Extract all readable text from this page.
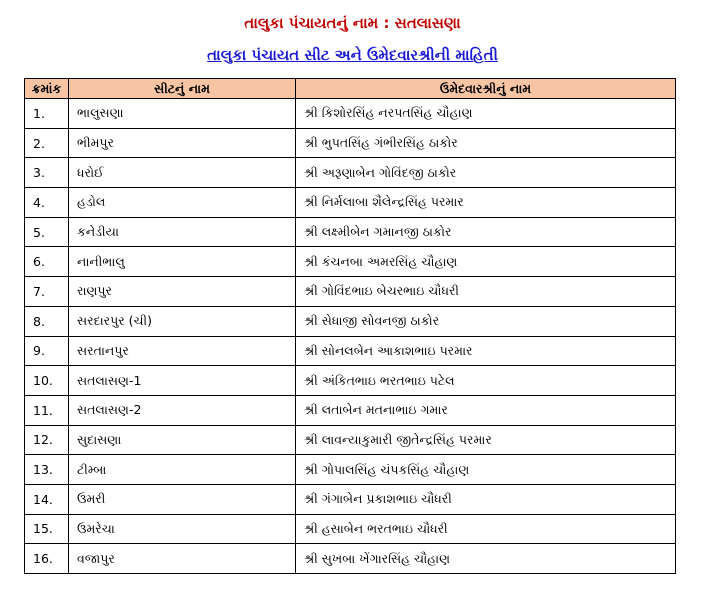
તાલુકા પંચાયતનું નામ : સતલાસણા
તાલુકા પંચાયત સીટ અને ઉમેદવારશ્રીની માહિતી
ક્રમાંક	સીટનું નામ	ઉમેદવારશ્રીનું નામ
1.	ભાલુસણા	શ્રી કિશોરસિંહ નરપતસિંહ ચૌહાણ
2.	ભીમપુર	શ્રી ભુપતસિંહ ગંભીરસિંહ ઠાકોર
3.	ધરોઈ	શ્રી અરૂણાબેન ગોવિંદજી ઠાકોર
4.	હડોલ	શ્રી નિર્મલાબા શૈલેન્દ્રસિંહ પરમાર
5.	કનેડીયા	શ્રી લક્ષ્મીબેન ગમાનજી ઠાકોર
6.	નાનીભાલુ	શ્રી કંચનબા અમરસિંહ ચૌહાણ
7.	રાણપુર	શ્રી ગોવિંદભાઇ બેચરભાઇ ચૌધરી
8.	સરદારપુર (ચી)	શ્રી સેધાજી સોવનજી ઠાકોર
9.	સરતાનપુર	શ્રી સોનલબેન આકાશભાઇ પરમાર
10.	સતલાસણ-1	શ્રી અંકિતભાઇ ભરતભાઇ પટેલ
11.	સતલાસણ-2	શ્રી લતાબેન મતનાભાઇ ગમાર
12.	સુદાસણા	શ્રી લાવન્યાકુમારી જીતેન્દ્રસિંહ પરમાર
13.	ટીમ્બા	શ્રી ગોપાલસિંહ ચંપકસિંહ ચૌહાણ
14.	ઉમરી	શ્રી ગંગાબેન પ્રકાશભાઇ ચૌધરી
15.	ઉમરેચા	શ્રી હસાબેન ભરતભાઇ ચૌધરી
16.	વજાપુર	શ્રી સુખબા ખેંગારસિંહ ચૌહાણ
